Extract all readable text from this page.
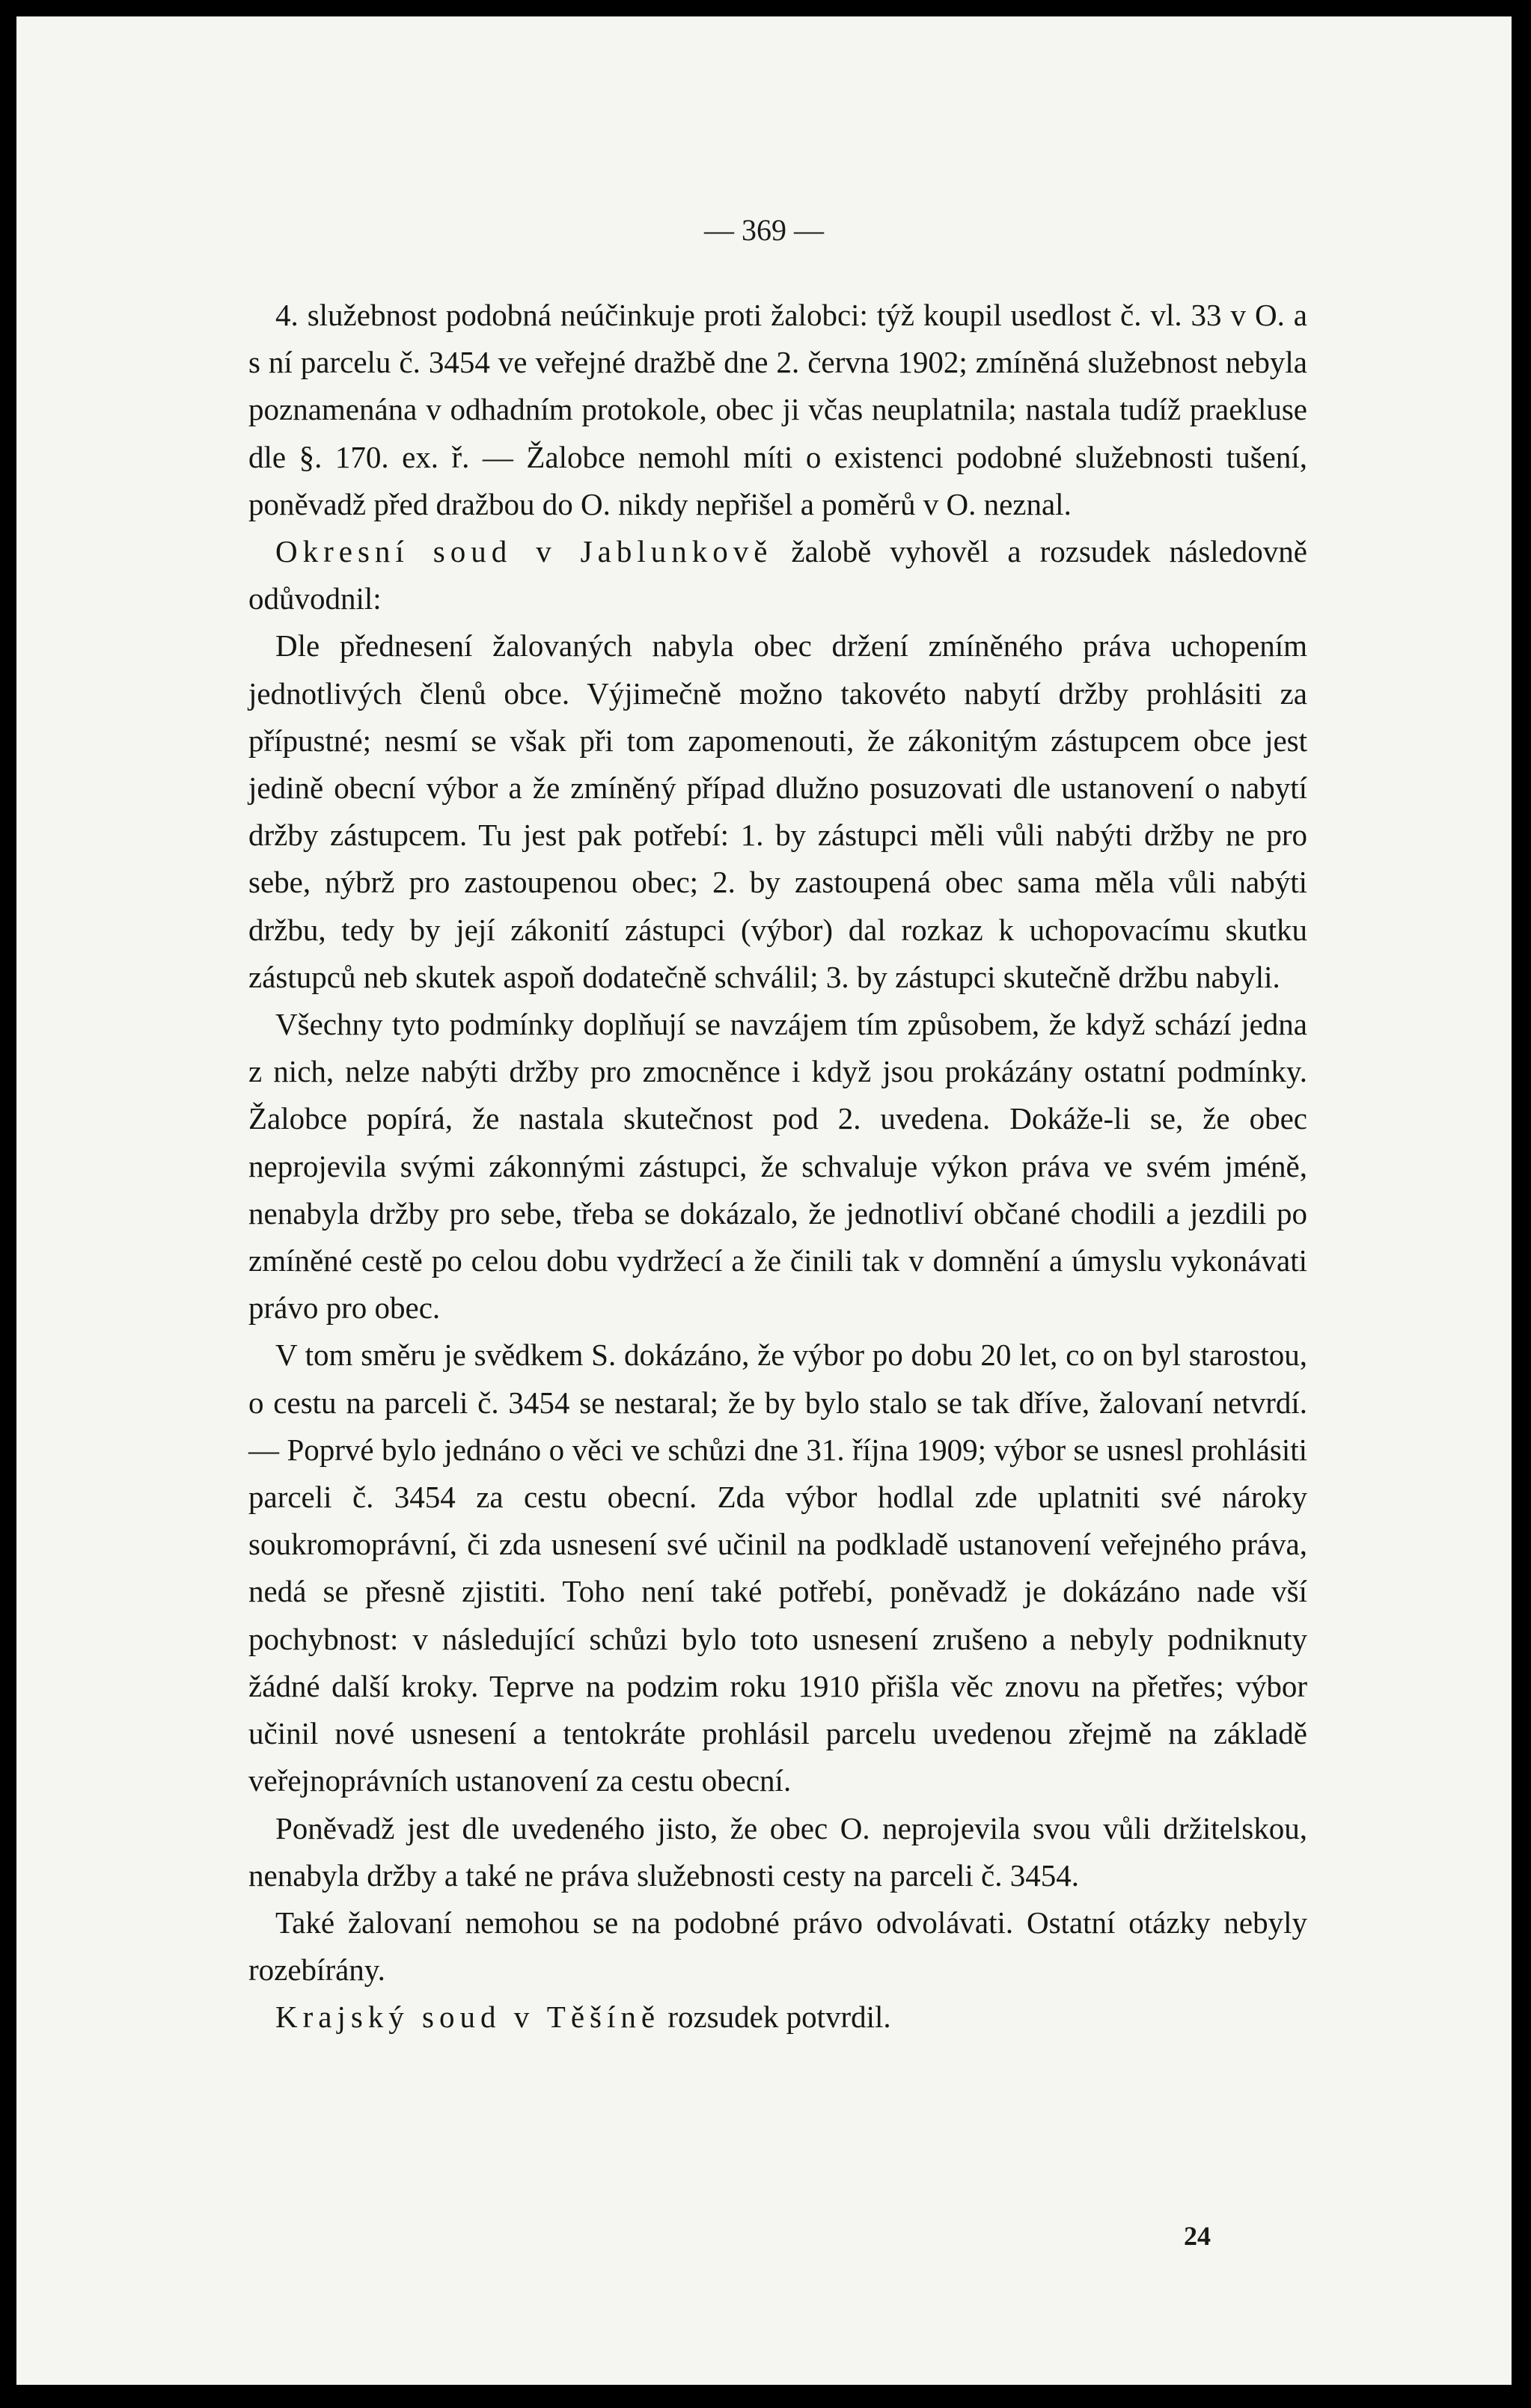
— 369 —

4. služebnost podobná neúčinkuje proti žalobci: týž koupil usedlost č. vl. 33 v O. a s ní parcelu č. 3454 ve veřejné dražbě dne 2. června 1902; zmíněná služebnost nebyla poznamenána v odhadním protokole, obec ji včas neuplatnila; nastala tudíž praekluse dle §. 170. ex. ř. — Žalobce nemohl míti o existenci podobné služebnosti tušení, poněvadž před dražbou do O. nikdy nepřišel a poměrů v O. neznal.

Okresní soud v Jablunkově žalobě vyhověl a rozsudek následovně odůvodnil:

Dle přednesení žalovaných nabyla obec držení zmíněného práva uchopením jednotlivých členů obce. Výjimečně možno takovéto nabytí držby prohlásiti za přípustné; nesmí se však při tom zapomenouti, že zákonitým zástupcem obce jest jedině obecní výbor a že zmíněný případ dlužno posuzovati dle ustanovení o nabytí držby zástupcem. Tu jest pak potřebí: 1. by zástupci měli vůli nabýti držby ne pro sebe, nýbrž pro zastoupenou obec; 2. by zastoupená obec sama měla vůli nabýti držbu, tedy by její zákonití zástupci (výbor) dal rozkaz k uchopovacímu skutku zástupců neb skutek aspoň dodatečně schválil; 3. by zástupci skutečně držbu nabyli.

Všechny tyto podmínky doplňují se navzájem tím způsobem, že když schází jedna z nich, nelze nabýti držby pro zmocněnce i když jsou prokázány ostatní podmínky. Žalobce popírá, že nastala skutečnost pod 2. uvedena. Dokáže-li se, že obec neprojevila svými zákonnými zástupci, že schvaluje výkon práva ve svém jméně, nenabyla držby pro sebe, třeba se dokázalo, že jednotliví občané chodili a jezdili po zmíněné cestě po celou dobu vydržecí a že činili tak v domnění a úmyslu vykonávati právo pro obec.

V tom směru je svědkem S. dokázáno, že výbor po dobu 20 let, co on byl starostou, o cestu na parceli č. 3454 se nestaral; že by bylo stalo se tak dříve, žalovaní netvrdí. — Poprvé bylo jednáno o věci ve schůzi dne 31. října 1909; výbor se usnesl prohlásiti parceli č. 3454 za cestu obecní. Zda výbor hodlal zde uplatniti své nároky soukromoprávní, či zda usnesení své učinil na podkladě ustanovení veřejného práva, nedá se přesně zjistiti. Toho není také potřebí, poněvadž je dokázáno nade vší pochybnost: v následující schůzi bylo toto usnesení zrušeno a nebyly podniknuty žádné další kroky. Teprve na podzim roku 1910 přišla věc znovu na přetřes; výbor učinil nové usnesení a tentokráte prohlásil parcelu uvedenou zřejmě na základě veřejnoprávních ustanovení za cestu obecní.

Poněvadž jest dle uvedeného jisto, že obec O. neprojevila svou vůli držitelskou, nenabyla držby a také ne práva služebnosti cesty na parceli č. 3454.

Také žalovaní nemohou se na podobné právo odvolávati. Ostatní otázky nebyly rozebírány.

Krajský soud v Těšíně rozsudek potvrdil.

24
